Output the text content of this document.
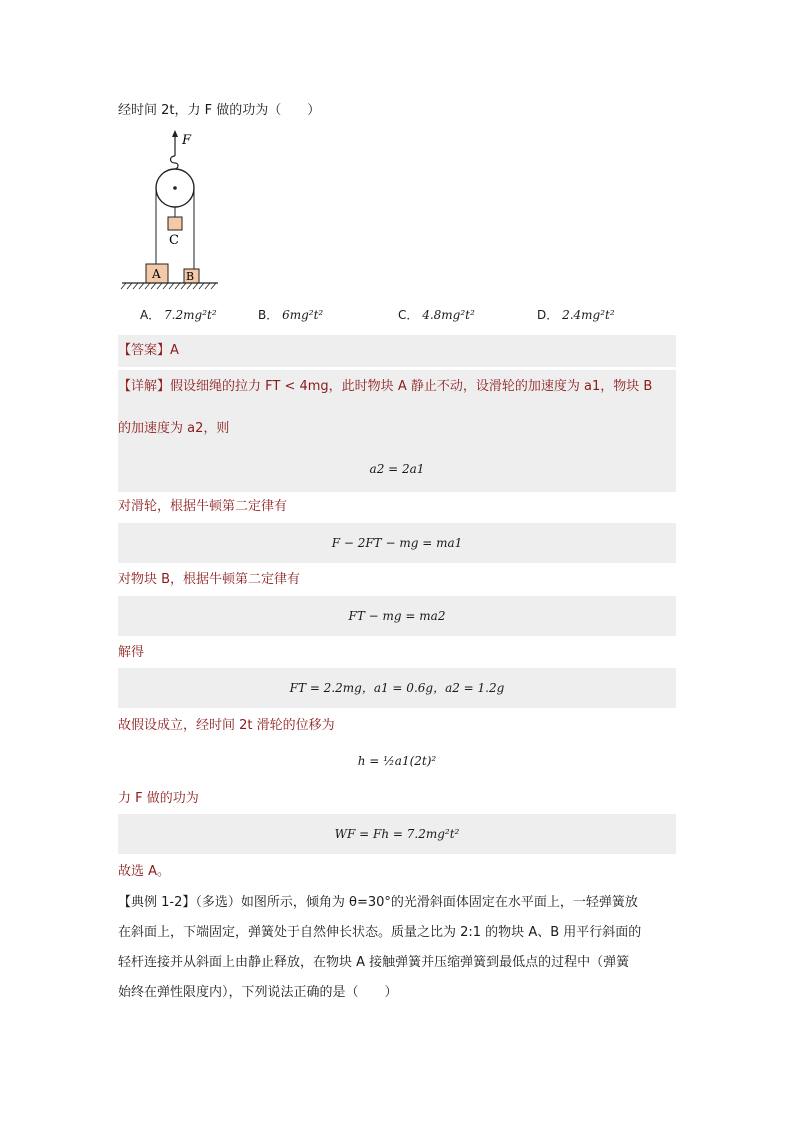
经时间 2t，力 F 做的功为（　　）
F
C
A B
A． 7.2mg²t²	B． 6mg²t²	C． 4.8mg²t²	D． 2.4mg²t²
【答案】A
【详解】假设细绳的拉力 FT < 4mg，此时物块 A 静止不动，设滑轮的加速度为 a1，物块 B
的加速度为 a2，则
a2 = 2a1
对滑轮，根据牛顿第二定律有
F − 2FT − mg = ma1
对物块 B，根据牛顿第二定律有
FT − mg = ma2
解得
FT = 2.2mg，a1 = 0.6g，a2 = 1.2g
故假设成立，经时间 2t 滑轮的位移为
h = ½a1(2t)²
力 F 做的功为
WF = Fh = 7.2mg²t²
故选 A。
【典例 1-2】（多选）如图所示，倾角为 θ=30°的光滑斜面体固定在水平面上，一轻弹簧放
在斜面上，下端固定，弹簧处于自然伸长状态。质量之比为 2:1 的物块 A、B 用平行斜面的
轻杆连接并从斜面上由静止释放，在物块 A 接触弹簧并压缩弹簧到最低点的过程中（弹簧
始终在弹性限度内），下列说法正确的是（　　）
